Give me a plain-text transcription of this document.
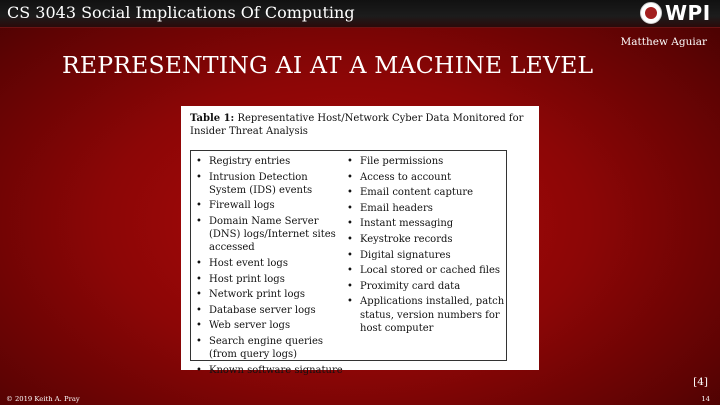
CS 3043 Social Implications Of Computing	WPI
Matthew Aguiar
REPRESENTING AI AT A MACHINE LEVEL
Table 1: Representative Host/Network Cyber Data Monitored for Insider Threat Analysis
• Registry entries
• Intrusion Detection System (IDS) events
• Firewall logs
• Domain Name Server (DNS) logs/Internet sites accessed
• Host event logs
• Host print logs
• Network print logs
• Database server logs
• Web server logs
• Search engine queries (from query logs)
• Known software signature
• File permissions
• Access to account
• Email content capture
• Email headers
• Instant messaging
• Keystroke records
• Digital signatures
• Local stored or cached files
• Proximity card data
• Applications installed, patch status, version numbers for host computer
[4]
© 2019 Keith A. Pray	14
